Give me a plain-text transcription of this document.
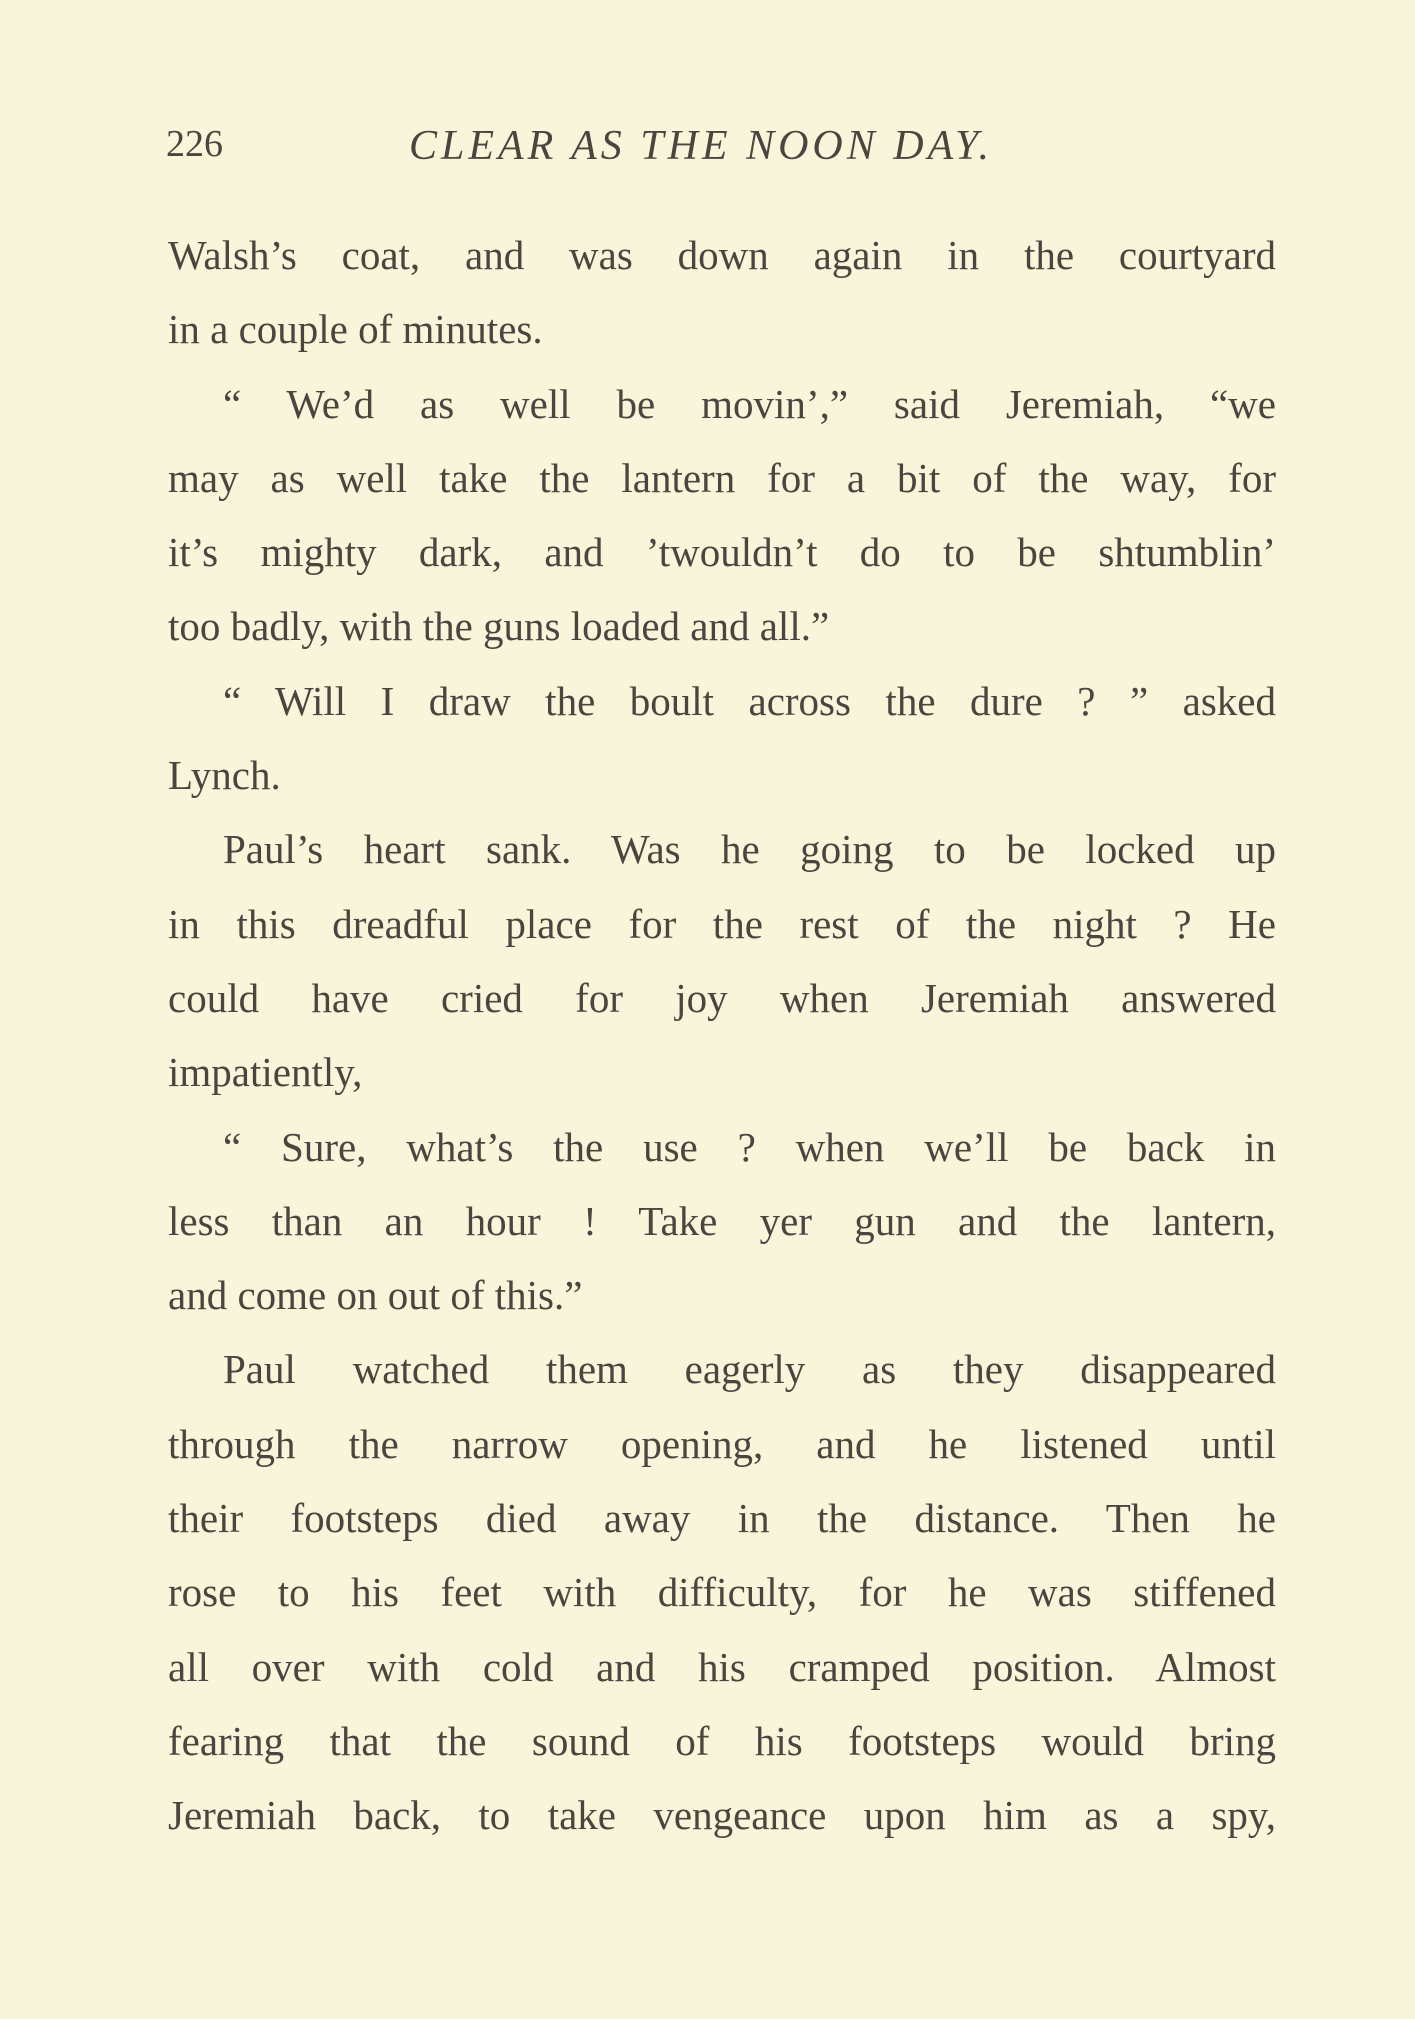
226	CLEAR AS THE NOON DAY.
Walsh’s coat, and was down again in the courtyard
in a couple of minutes.
“ We’d as well be movin’,” said Jeremiah, “we
may as well take the lantern for a bit of the way, for
it’s mighty dark, and ’twouldn’t do to be shtumblin’
too badly, with the guns loaded and all.”
“ Will I draw the boult across the dure ? ” asked
Lynch.
Paul’s heart sank. Was he going to be locked up
in this dreadful place for the rest of the night ? He
could have cried for joy when Jeremiah answered
impatiently,
“ Sure, what’s the use ? when we’ll be back in
less than an hour ! Take yer gun and the lantern,
and come on out of this.”
Paul watched them eagerly as they disappeared
through the narrow opening, and he listened until
their footsteps died away in the distance. Then he
rose to his feet with difficulty, for he was stiffened
all over with cold and his cramped position. Almost
fearing that the sound of his footsteps would bring
Jeremiah back, to take vengeance upon him as a spy,
